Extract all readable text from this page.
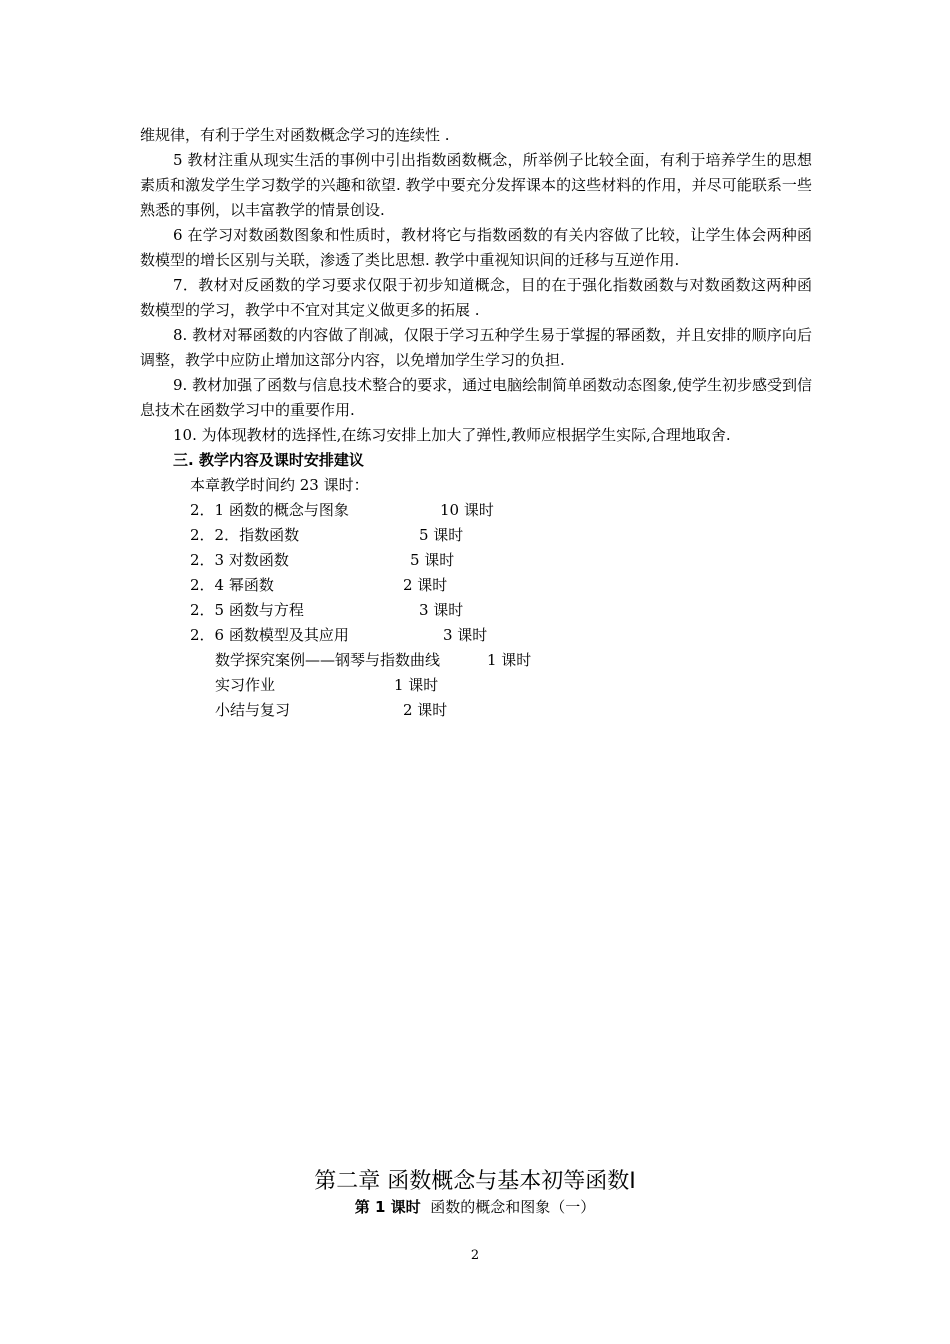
维规律，有利于学生对函数概念学习的连续性 .
5 教材注重从现实生活的事例中引出指数函数概念，所举例子比较全面，有利于培养学生的思想素质和激发学生学习数学的兴趣和欲望. 教学中要充分发挥课本的这些材料的作用，并尽可能联系一些熟悉的事例，以丰富教学的情景创设.
6 在学习对数函数图象和性质时，教材将它与指数函数的有关内容做了比较，让学生体会两种函数模型的增长区别与关联，渗透了类比思想. 教学中重视知识间的迁移与互逆作用.
7．教材对反函数的学习要求仅限于初步知道概念，目的在于强化指数函数与对数函数这两种函数模型的学习，教学中不宜对其定义做更多的拓展 .
8. 教材对幂函数的内容做了削减，仅限于学习五种学生易于掌握的幂函数，并且安排的顺序向后调整，教学中应防止增加这部分内容，以免增加学生学习的负担.
9. 教材加强了函数与信息技术整合的要求，通过电脑绘制简单函数动态图象,使学生初步感受到信息技术在函数学习中的重要作用.
10. 为体现教材的选择性,在练习安排上加大了弹性,教师应根据学生实际,合理地取舍.
三. 教学内容及课时安排建议
本章教学时间约 23 课时：
2．1 函数的概念与图象	10 课时
2．2．指数函数	5 课时
2．3 对数函数	5 课时
2．4 幂函数	2 课时
2．5 函数与方程	3 课时
2．6 函数模型及其应用	3 课时
数学探究案例——钢琴与指数曲线	1 课时
实习作业	1 课时
小结与复习	2 课时
第二章 函数概念与基本初等函数Ⅰ
第 1 课时  函数的概念和图象（一）
2
